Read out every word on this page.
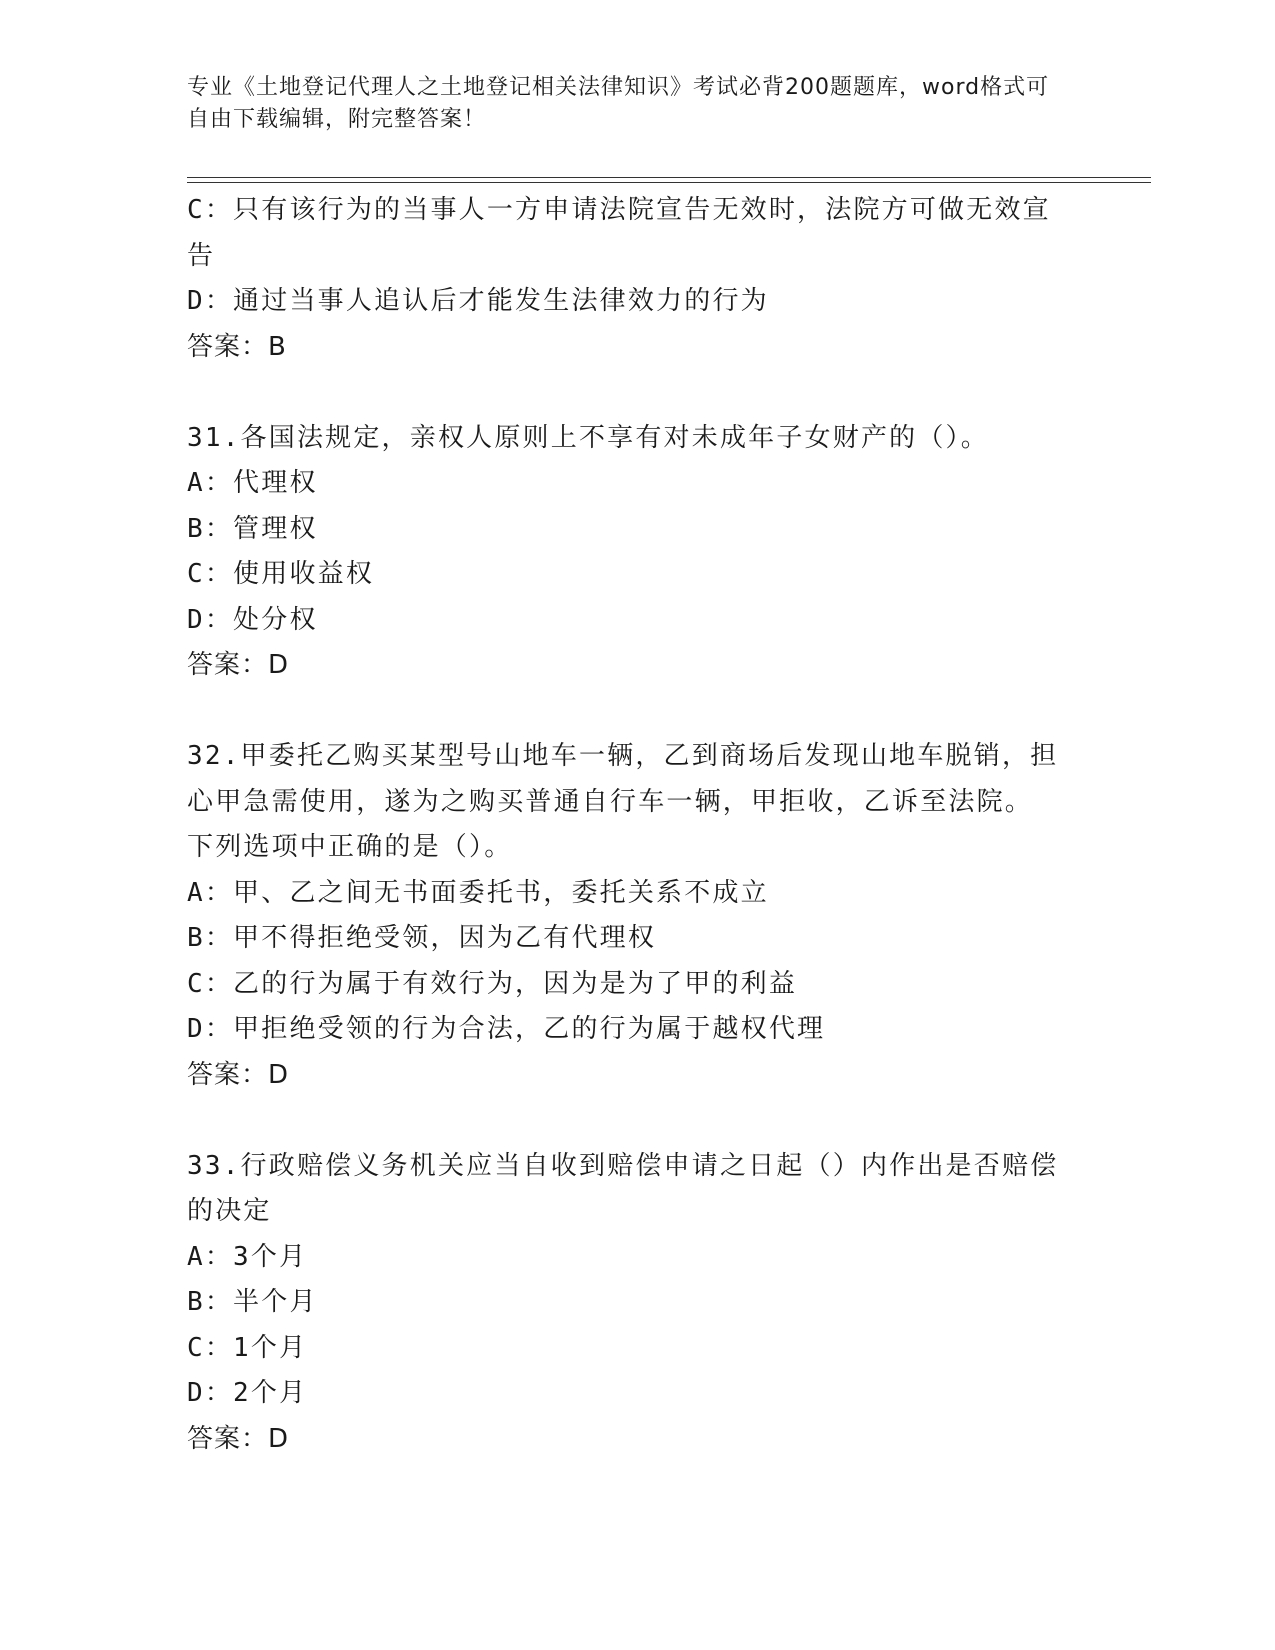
专业《土地登记代理人之土地登记相关法律知识》考试必背200题题库，word格式可自由下载编辑，附完整答案！
C：只有该行为的当事人一方申请法院宣告无效时，法院方可做无效宣
告
D：通过当事人追认后才能发生法律效力的行为
答案：B
31.各国法规定，亲权人原则上不享有对未成年子女财产的（）。
A：代理权
B：管理权
C：使用收益权
D：处分权
答案：D
32.甲委托乙购买某型号山地车一辆，乙到商场后发现山地车脱销，担
心甲急需使用，遂为之购买普通自行车一辆，甲拒收，乙诉至法院。
下列选项中正确的是（）。
A：甲、乙之间无书面委托书，委托关系不成立
B：甲不得拒绝受领，因为乙有代理权
C：乙的行为属于有效行为，因为是为了甲的利益
D：甲拒绝受领的行为合法，乙的行为属于越权代理
答案：D
33.行政赔偿义务机关应当自收到赔偿申请之日起（）内作出是否赔偿
的决定
A：3个月
B：半个月
C：1个月
D：2个月
答案：D
